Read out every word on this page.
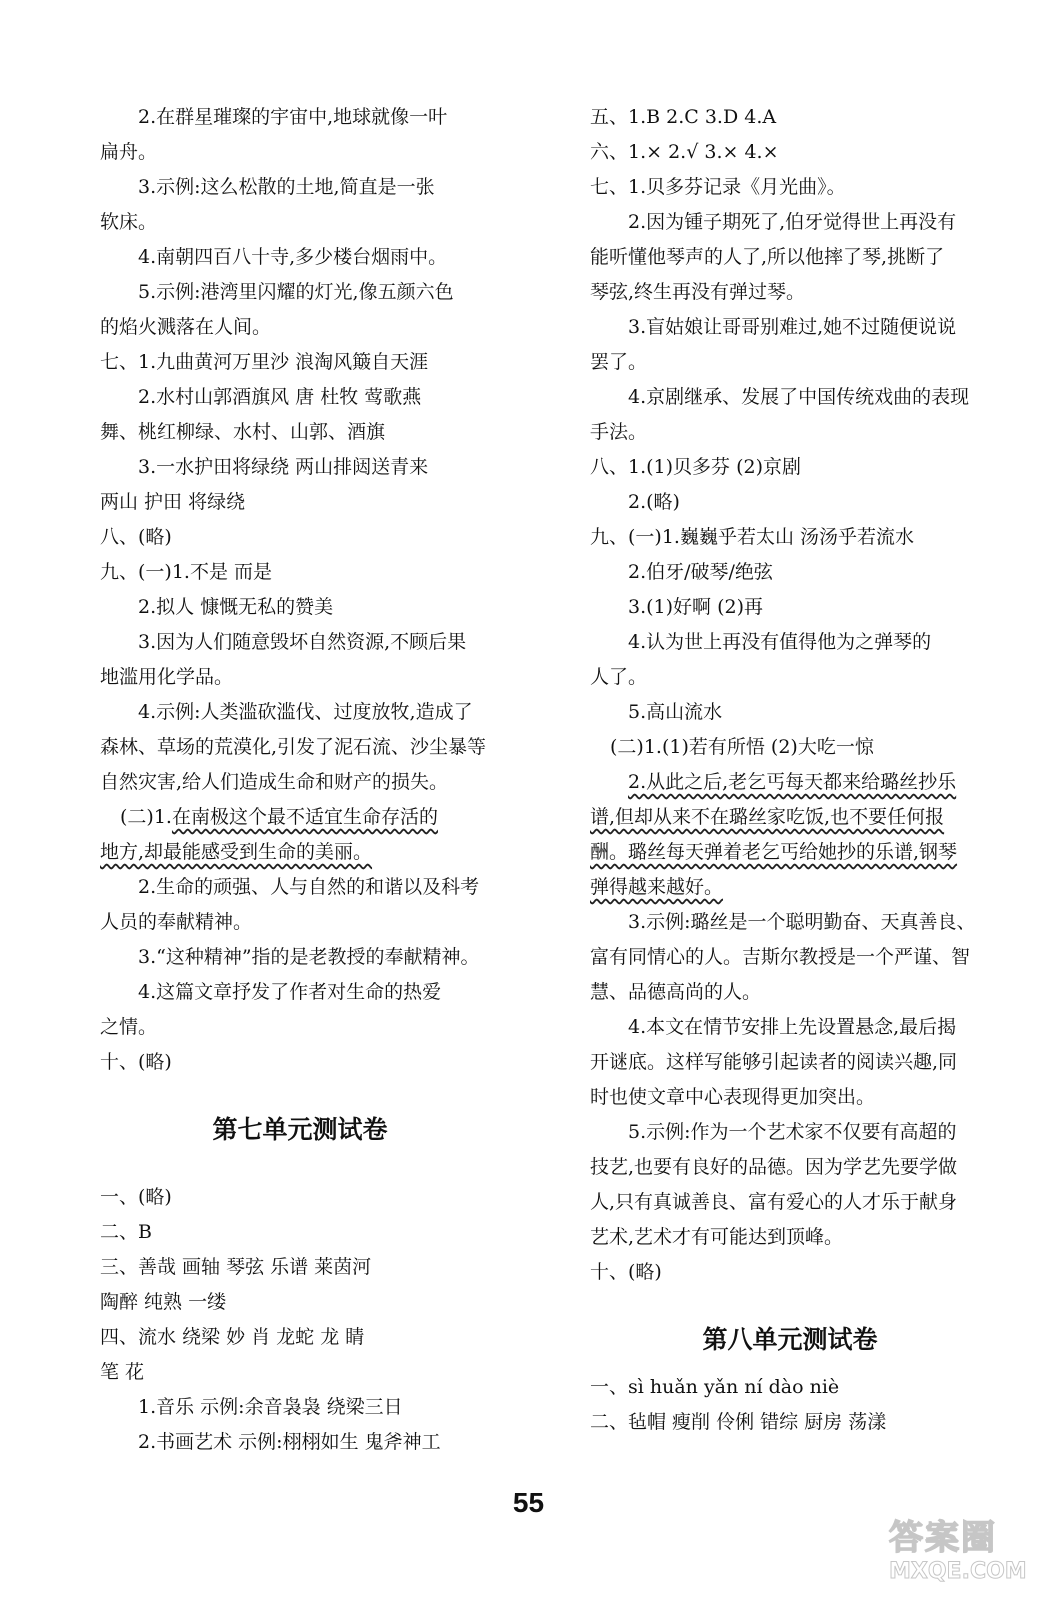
2.在群星璀璨的宇宙中,地球就像一叶
扁舟。
3.示例:这么松散的土地,简直是一张
软床。
4.南朝四百八十寺,多少楼台烟雨中。
5.示例:港湾里闪耀的灯光,像五颜六色
的焰火溅落在人间。
七、1.九曲黄河万里沙 浪淘风簸自天涯
2.水村山郭酒旗风 唐 杜牧 莺歌燕
舞、桃红柳绿、水村、山郭、酒旗
3.一水护田将绿绕 两山排闼送青来
两山 护田 将绿绕
八、(略)
九、(一)1.不是 而是
2.拟人 慷慨无私的赞美
3.因为人们随意毁坏自然资源,不顾后果
地滥用化学品。
4.示例:人类滥砍滥伐、过度放牧,造成了
森林、草场的荒漠化,引发了泥石流、沙尘暴等
自然灾害,给人们造成生命和财产的损失。
(二)1.在南极这个最不适宜生命存活的
地方,却最能感受到生命的美丽。
2.生命的顽强、人与自然的和谐以及科考
人员的奉献精神。
3.“这种精神”指的是老教授的奉献精神。
4.这篇文章抒发了作者对生命的热爱
之情。
十、(略)
第七单元测试卷
一、(略)
二、B
三、善哉 画轴 琴弦 乐谱 莱茵河
陶醉 纯熟 一缕
四、流水 绕梁 妙 肖 龙蛇 龙 睛
笔 花
1.音乐 示例:余音袅袅 绕梁三日
2.书画艺术 示例:栩栩如生 鬼斧神工
五、1.B 2.C 3.D 4.A
六、1.× 2.√ 3.× 4.×
七、1.贝多芬记录《月光曲》。
2.因为锺子期死了,伯牙觉得世上再没有
能听懂他琴声的人了,所以他摔了琴,挑断了
琴弦,终生再没有弹过琴。
3.盲姑娘让哥哥别难过,她不过随便说说
罢了。
4.京剧继承、发展了中国传统戏曲的表现
手法。
八、1.(1)贝多芬 (2)京剧
2.(略)
九、(一)1.巍巍乎若太山 汤汤乎若流水
2.伯牙/破琴/绝弦
3.(1)好啊 (2)再
4.认为世上再没有值得他为之弹琴的
人了。
5.高山流水
(二)1.(1)若有所悟 (2)大吃一惊
2.从此之后,老乞丐每天都来给璐丝抄乐
谱,但却从来不在璐丝家吃饭,也不要任何报
酬。璐丝每天弹着老乞丐给她抄的乐谱,钢琴
弹得越来越好。
3.示例:璐丝是一个聪明勤奋、天真善良、
富有同情心的人。吉斯尔教授是一个严谨、智
慧、品德高尚的人。
4.本文在情节安排上先设置悬念,最后揭
开谜底。这样写能够引起读者的阅读兴趣,同
时也使文章中心表现得更加突出。
5.示例:作为一个艺术家不仅要有高超的
技艺,也要有良好的品德。因为学艺先要学做
人,只有真诚善良、富有爱心的人才乐于献身
艺术,艺术才有可能达到顶峰。
十、(略)
第八单元测试卷
一、sì huǎn yǎn ní dào niè
二、毡帽 瘦削 伶俐 错综 厨房 荡漾
55
答案圈
MXQE.COM
